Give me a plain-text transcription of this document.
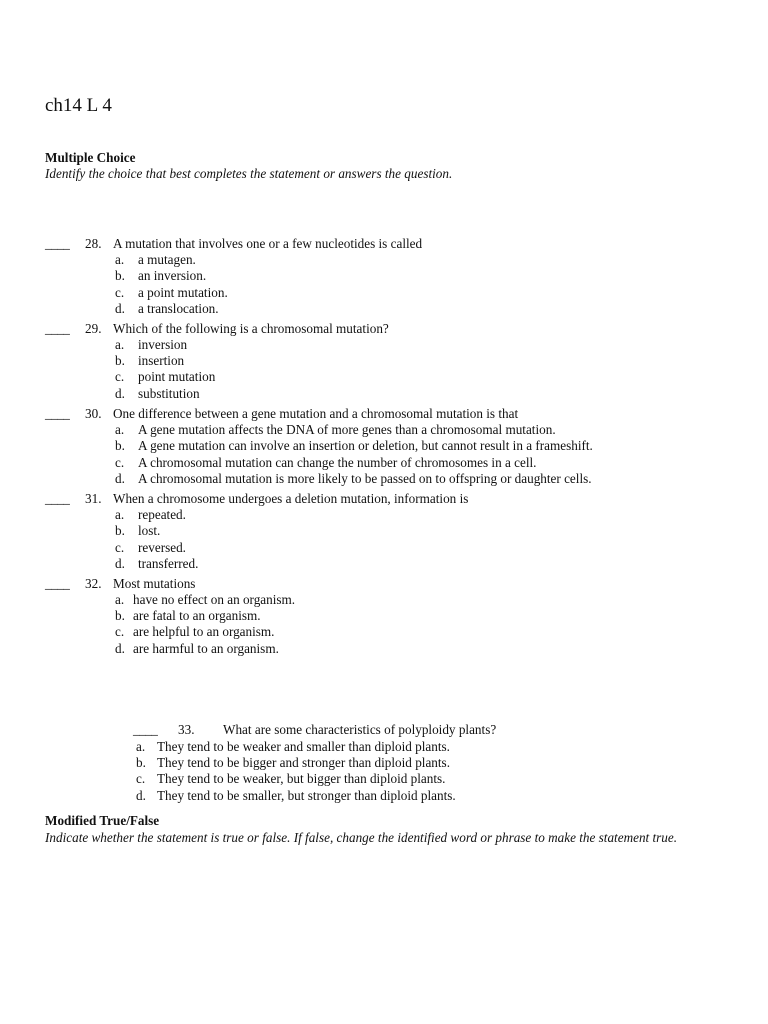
ch14 L 4
Multiple Choice
Identify the choice that best completes the statement or answers the question.
____ 28. A mutation that involves one or a few nucleotides is called
a. a mutagen.
b. an inversion.
c. a point mutation.
d. a translocation.
____ 29. Which of the following is a chromosomal mutation?
a. inversion
b. insertion
c. point mutation
d. substitution
____ 30. One difference between a gene mutation and a chromosomal mutation is that
a. A gene mutation affects the DNA of more genes than a chromosomal mutation.
b. A gene mutation can involve an insertion or deletion, but cannot result in a frameshift.
c. A chromosomal mutation can change the number of chromosomes in a cell.
d. A chromosomal mutation is more likely to be passed on to offspring or daughter cells.
____ 31. When a chromosome undergoes a deletion mutation, information is
a. repeated.
b. lost.
c. reversed.
d. transferred.
____ 32. Most mutations
a. have no effect on an organism.
b. are fatal to an organism.
c. are helpful to an organism.
d. are harmful to an organism.
____ 33. What are some characteristics of polyploidy plants?
a. They tend to be weaker and smaller than diploid plants.
b. They tend to be bigger and stronger than diploid plants.
c. They tend to be weaker, but bigger than diploid plants.
d. They tend to be smaller, but stronger than diploid plants.
Modified True/False
Indicate whether the statement is true or false. If false, change the identified word or phrase to make the statement true.
